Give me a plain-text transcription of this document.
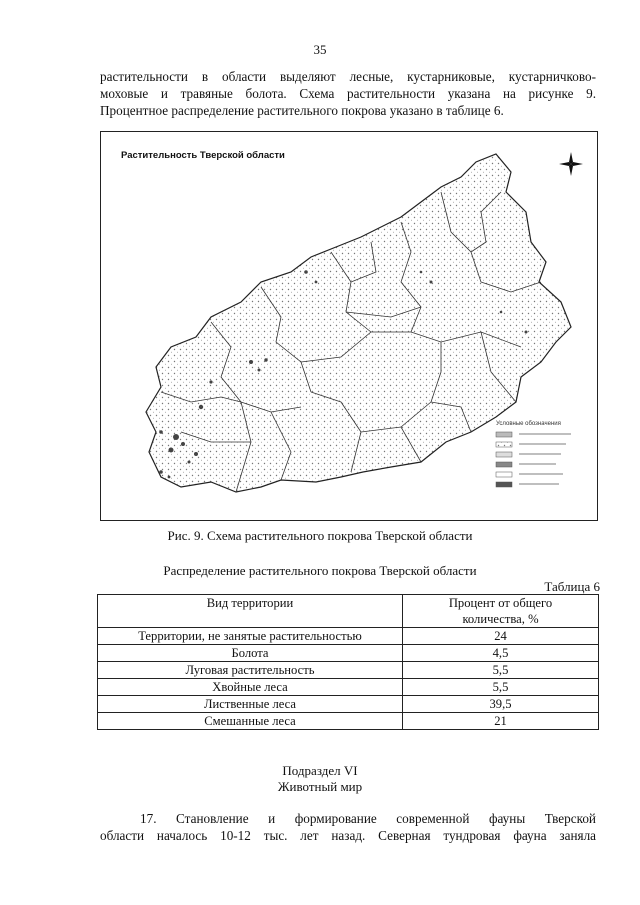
35
растительности в области выделяют лесные, кустарниковые, кустарничково-
моховые и травяные болота. Схема растительности указана на рисунке 9.
Процентное распределение растительного покрова указано в таблице 6.
Растительность Тверской области
Условные обозначения
Рис. 9. Схема растительного покрова Тверской области
Распределение растительного покрова Тверской области
Таблица 6
Вид территории	Процент от общего
количества, %
Территории, не занятые растительностью	24
Болота	4,5
Луговая растительность	5,5
Хвойные леса	5,5
Лиственные леса	39,5
Смешанные леса	21
Подраздел VI
Животный мир
17. Становление и формирование современной фауны Тверской
области началось 10-12 тыс. лет назад. Северная тундровая фауна заняла
